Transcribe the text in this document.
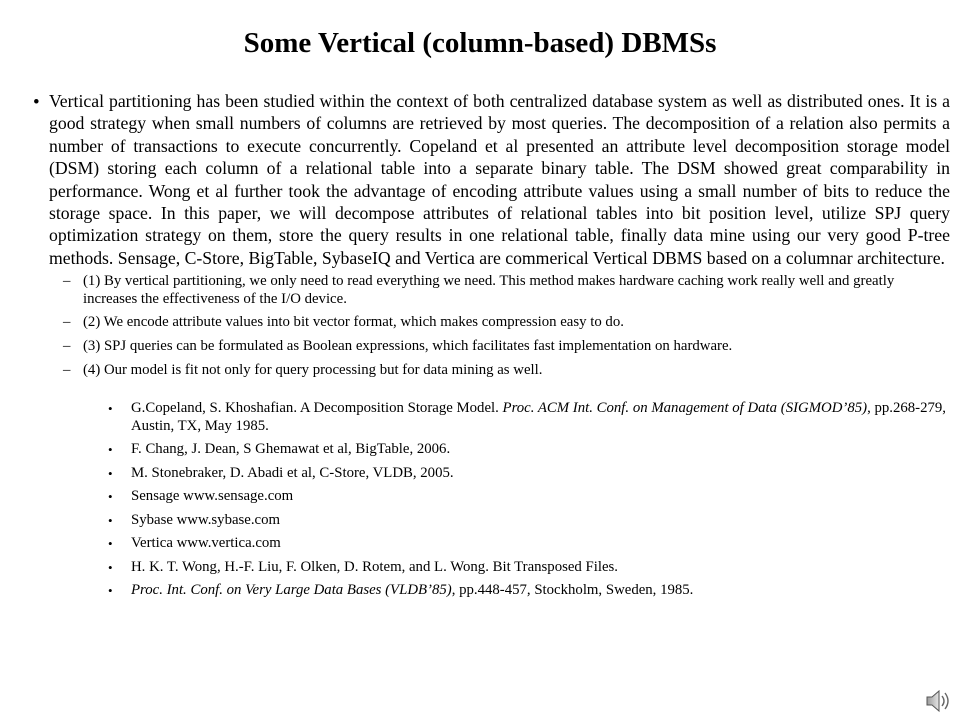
Some Vertical (column-based) DBMSs
• Vertical partitioning has been studied within the context of both centralized database system as well as distributed ones. It is a good strategy when small numbers of columns are retrieved by most queries. The decomposition of a relation also permits a number of transactions to execute concurrently. Copeland et al presented an attribute level decomposition storage model (DSM) storing each column of a relational table into a separate binary table. The DSM showed great comparability in performance. Wong et al further took the advantage of encoding attribute values using a small number of bits to reduce the storage space. In this paper, we will decompose attributes of relational tables into bit position level, utilize SPJ query optimization strategy on them, store the query results in one relational table, finally data mine using our very good P-tree methods. Sensage, C-Store, BigTable, SybaseIQ and Vertica are commerical Vertical DBMS based on a columnar architecture.
– (1) By vertical partitioning, we only need to read everything we need. This method makes hardware caching work really well and greatly increases the effectiveness of the I/O device.
– (2) We encode attribute values into bit vector format, which makes compression easy to do.
– (3) SPJ queries can be formulated as Boolean expressions, which facilitates fast implementation on hardware.
– (4) Our model is fit not only for query processing but for data mining as well.
• G.Copeland, S. Khoshafian. A Decomposition Storage Model. Proc. ACM Int. Conf. on Management of Data (SIGMOD’85), pp.268-279, Austin, TX, May 1985.
• F. Chang, J. Dean, S Ghemawat et al, BigTable, 2006.
• M. Stonebraker, D. Abadi et al, C-Store, VLDB, 2005.
• Sensage www.sensage.com
• Sybase www.sybase.com
• Vertica www.vertica.com
• H. K. T. Wong, H.-F. Liu, F. Olken, D. Rotem, and L. Wong. Bit Transposed Files.
• Proc. Int. Conf. on Very Large Data Bases (VLDB’85), pp.448-457, Stockholm, Sweden, 1985.
